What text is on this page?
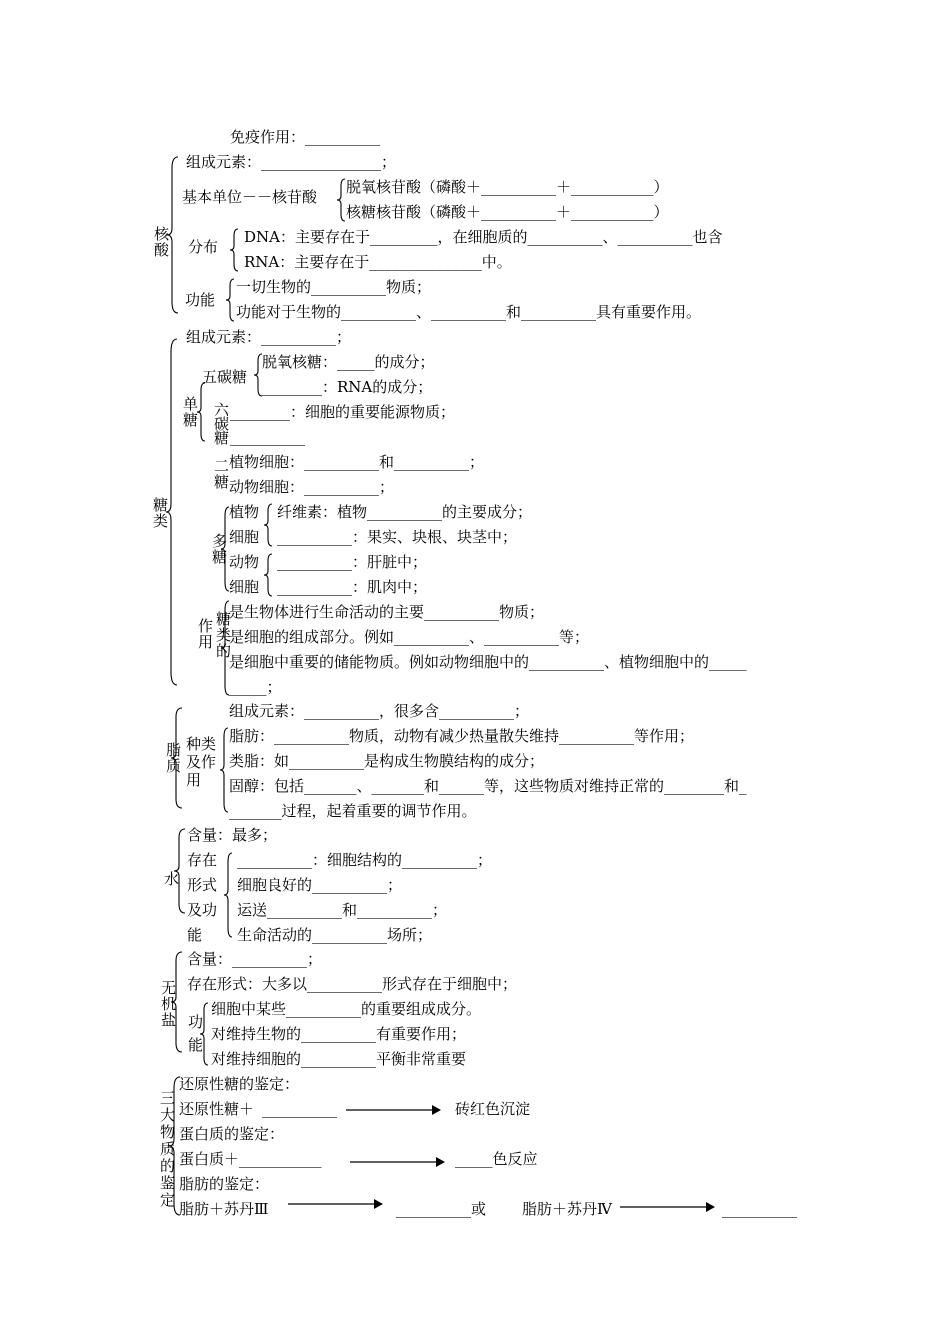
免疫作用：__________
核酸
组成元素：________________；
基本单位－－核苷酸
脱氧核苷酸（磷酸＋__________＋___________）
核糖核苷酸（磷酸＋__________＋___________）
分布
DNA：主要存在于_________，在细胞质的__________、__________也含
RNA：主要存在于_______________中。
功能
一切生物的__________物质；
功能对于生物的__________、__________和__________具有重要作用。
糖类
组成元素：__________；
单糖
五碳糖
脱氧核糖：_____的成分；
________：RNA的成分；
六碳糖
________：细胞的重要能源物质；
__________
二糖
植物细胞：__________和__________；
动物细胞：__________；
多糖
植物
细胞
纤维素：植物__________的主要成分；
__________：果实、块根、块茎中；
动物
细胞
__________：肝脏中；
__________：肌肉中；
作用
糖类的
是生物体进行生命活动的主要__________物质；
是细胞的组成部分。例如__________、__________等；
是细胞中重要的储能物质。例如动物细胞中的__________、植物细胞中的_____
_____；
脂质
种类及作用
组成元素：__________，很多含__________；
脂肪：__________物质，动物有减少热量散失维持__________等作用；
类脂：如__________是构成生物膜结构的成分；
固醇：包括_______、_______和______等，这些物质对维持正常的________和_
_______过程，起着重要的调节作用。
水
含量：最多；
存在
形式
及功
能
__________：细胞结构的__________；
细胞良好的__________；
运送__________和__________；
生命活动的__________场所；
无机盐
含量：__________；
存在形式：大多以__________形式存在于细胞中；
功能
细胞中某些__________的重要组成成分。
对维持生物的__________有重要作用；
对维持细胞的__________平衡非常重要
三大物质的鉴定
还原性糖的鉴定：
还原性糖＋ __________	砖红色沉淀
蛋白质的鉴定：
蛋白质＋___________	_____色反应
脂肪的鉴定：
脂肪＋苏丹Ⅲ	__________或 脂肪＋苏丹Ⅳ	__________
